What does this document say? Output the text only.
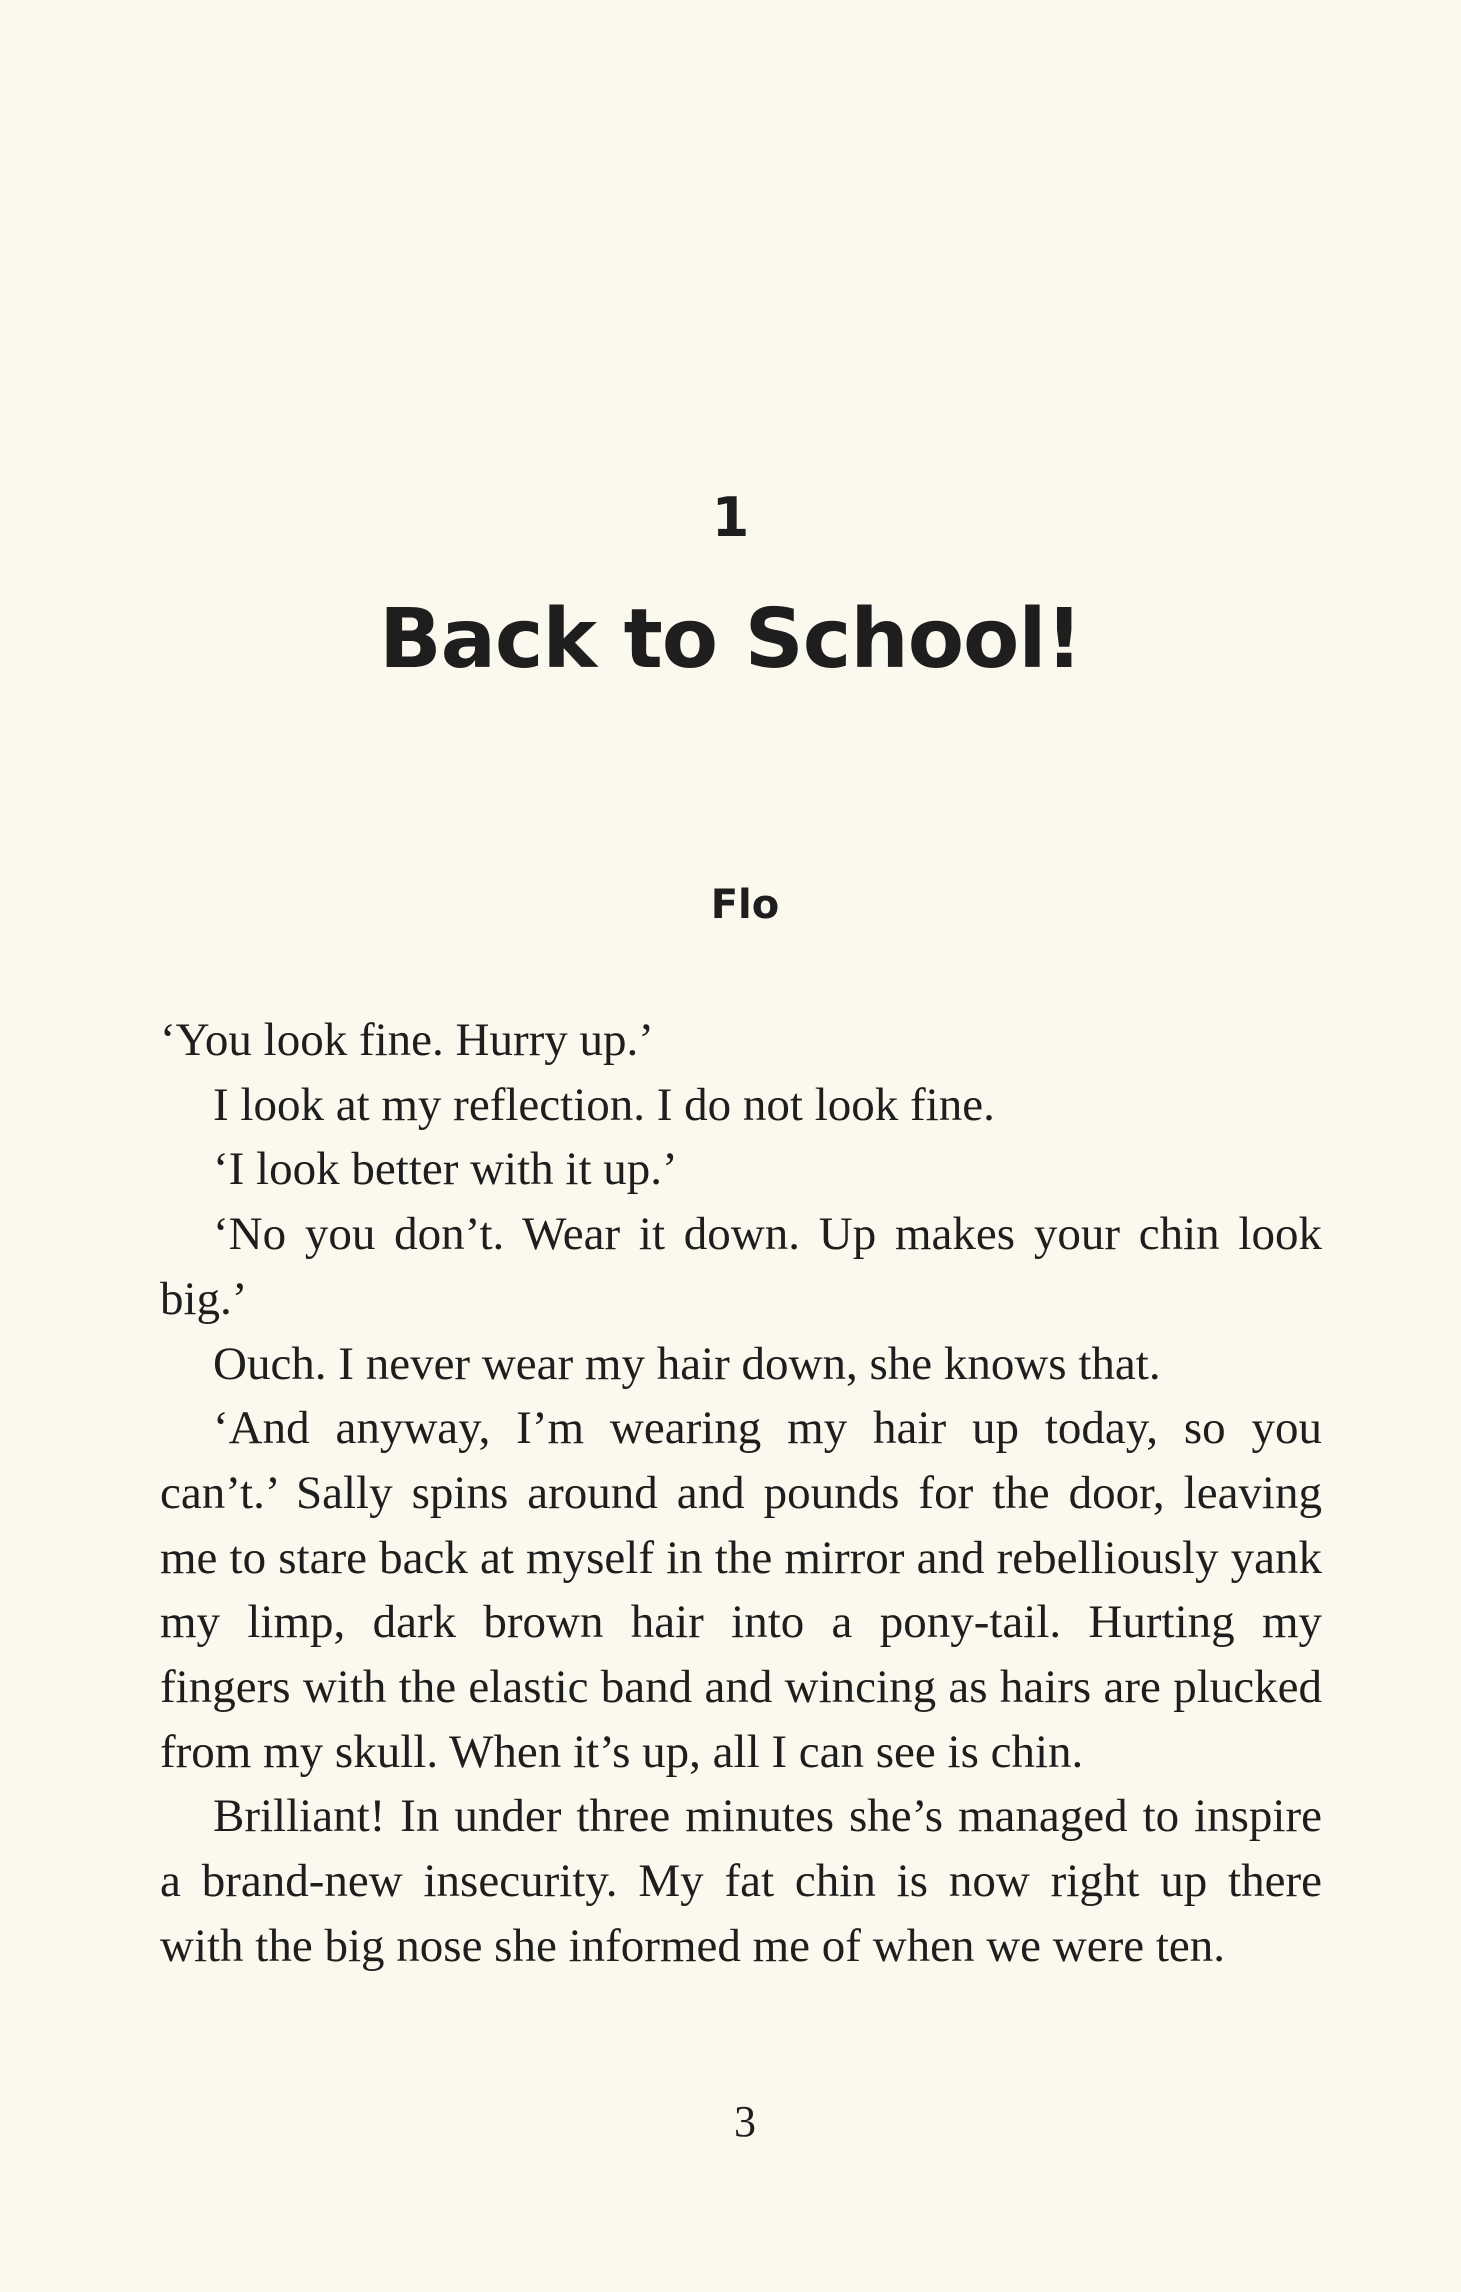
1
Back to School!
Flo

‘You look fine. Hurry up.’

I look at my reflection. I do not look fine.

‘I look better with it up.’

‘No you don’t. Wear it down. Up makes your chin look big.’

Ouch. I never wear my hair down, she knows that.

‘And anyway, I’m wearing my hair up today, so you can’t.’ Sally spins around and pounds for the door, leaving me to stare back at myself in the mirror and rebelliously yank my limp, dark brown hair into a pony-tail. Hurting my fingers with the elastic band and wincing as hairs are plucked from my skull. When it’s up, all I can see is chin.

Brilliant! In under three minutes she’s managed to inspire a brand-new insecurity. My fat chin is now right up there with the big nose she informed me of when we were ten.

3
